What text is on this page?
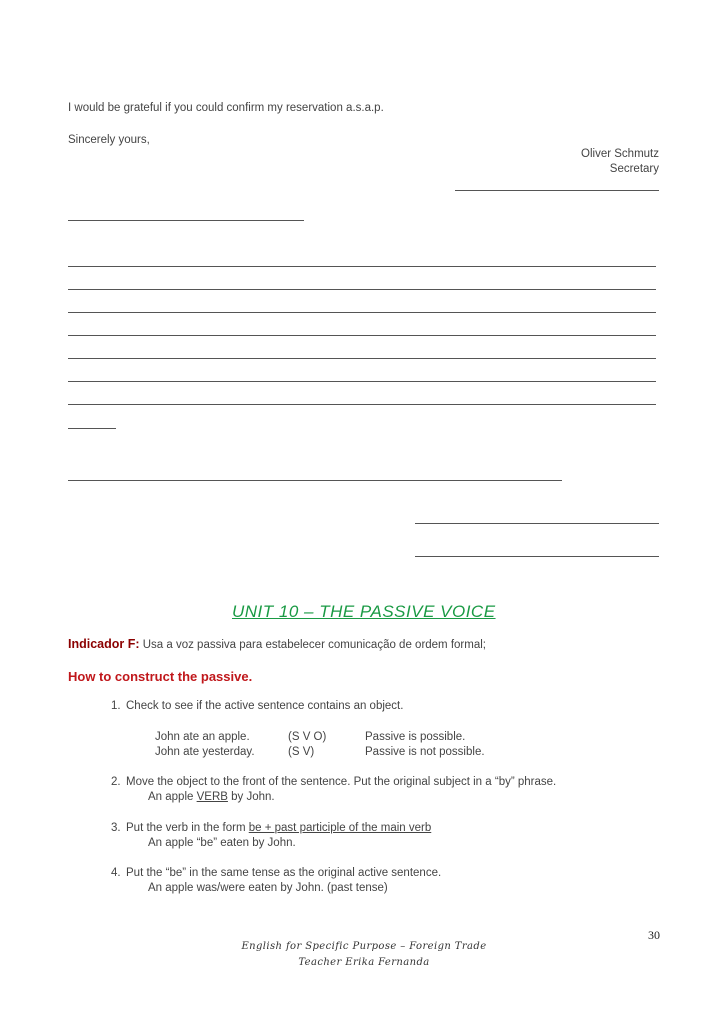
I would be grateful if you could confirm my reservation a.s.a.p.
Sincerely yours,
Oliver Schmutz
Secretary
UNIT 10 – THE PASSIVE VOICE
Indicador F: Usa a voz passiva para estabelecer comunicação de ordem formal;
How to construct the passive.
1. Check to see if the active sentence contains an object.
John ate an apple.	(S V O)	Passive is possible.
John ate yesterday.	(S V)	Passive is not possible.
2. Move the object to the front of the sentence. Put the original subject in a “by” phrase.
An apple VERB by John.
3. Put the verb in the form be + past participle of the main verb
An apple “be” eaten by John.
4. Put the “be” in the same tense as the original active sentence.
An apple was/were eaten by John. (past tense)
30
English for Specific Purpose – Foreign Trade
Teacher Erika Fernanda
